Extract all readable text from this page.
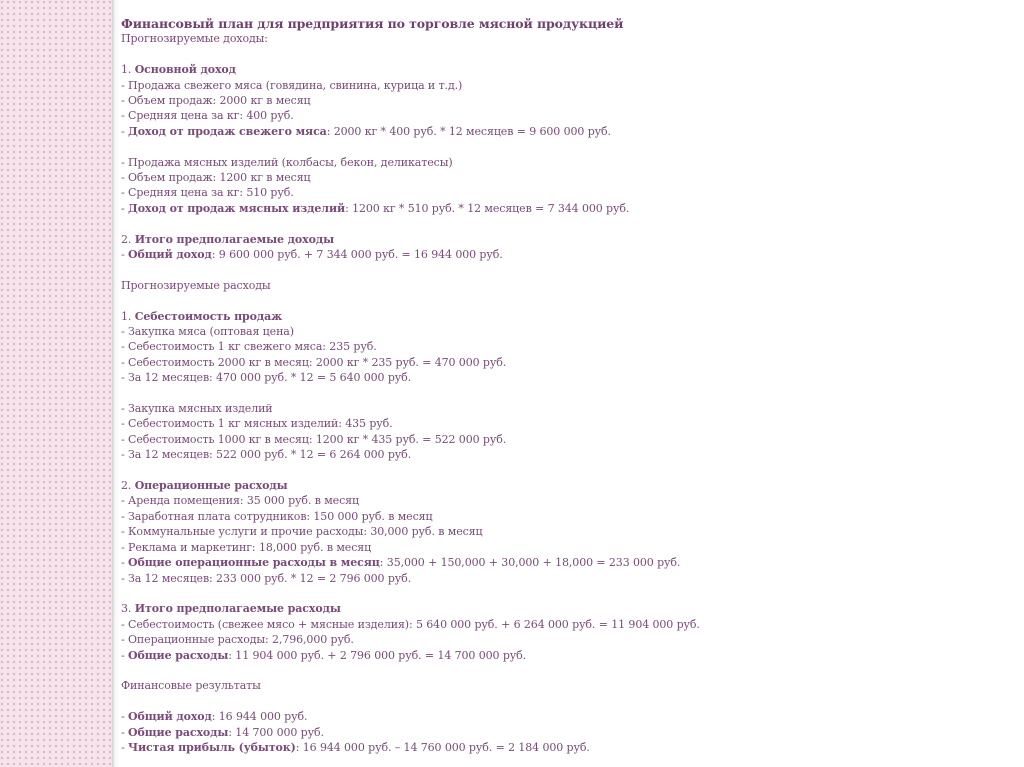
Финансовый план для предприятия по торговле мясной продукцией

Прогнозируемые доходы:

1. Основной доход

- Продажа свежего мяса (говядина, свинина, курица и т.д.)

- Объем продаж: 2000 кг в месяц

- Средняя цена за кг: 400 руб.

- Доход от продаж свежего мяса: 2000 кг * 400 руб. * 12 месяцев = 9 600 000 руб.

- Продажа мясных изделий (колбасы, бекон, деликатесы)

- Объем продаж: 1200 кг в месяц

- Средняя цена за кг: 510 руб.

- Доход от продаж мясных изделий: 1200 кг * 510 руб. * 12 месяцев = 7 344 000 руб.

2. Итого предполагаемые доходы

- Общий доход: 9 600 000 руб. + 7 344 000 руб. = 16 944 000 руб.

Прогнозируемые расходы

1. Себестоимость продаж

- Закупка мяса (оптовая цена)

- Себестоимость 1 кг свежего мяса: 235 руб.

- Себестоимость 2000 кг в месяц: 2000 кг * 235 руб. = 470 000 руб.

- За 12 месяцев: 470 000 руб. * 12 = 5 640 000 руб.

- Закупка мясных изделий

- Себестоимость 1 кг мясных изделий: 435 руб.

- Себестоимость 1000 кг в месяц: 1200 кг * 435 руб. = 522 000 руб.

- За 12 месяцев: 522 000 руб. * 12 = 6 264 000 руб.

2. Операционные расходы

- Аренда помещения: 35 000 руб. в месяц

- Заработная плата сотрудников: 150 000 руб. в месяц

- Коммунальные услуги и прочие расходы: 30,000 руб. в месяц

- Реклама и маркетинг: 18,000 руб. в месяц

- Общие операционные расходы в месяц: 35,000 + 150,000 + 30,000 + 18,000 = 233 000 руб.

- За 12 месяцев: 233 000 руб. * 12 = 2 796 000 руб.

3. Итого предполагаемые расходы

- Себестоимость (свежее мясо + мясные изделия): 5 640 000 руб. + 6 264 000 руб. = 11 904 000 руб.

- Операционные расходы: 2,796,000 руб.

- Общие расходы: 11 904 000 руб. + 2 796 000 руб. = 14 700 000 руб.

Финансовые результаты

- Общий доход: 16 944 000 руб.

- Общие расходы: 14 700 000 руб.

- Чистая прибыль (убыток): 16 944 000 руб. – 14 760 000 руб. = 2 184 000 руб.
